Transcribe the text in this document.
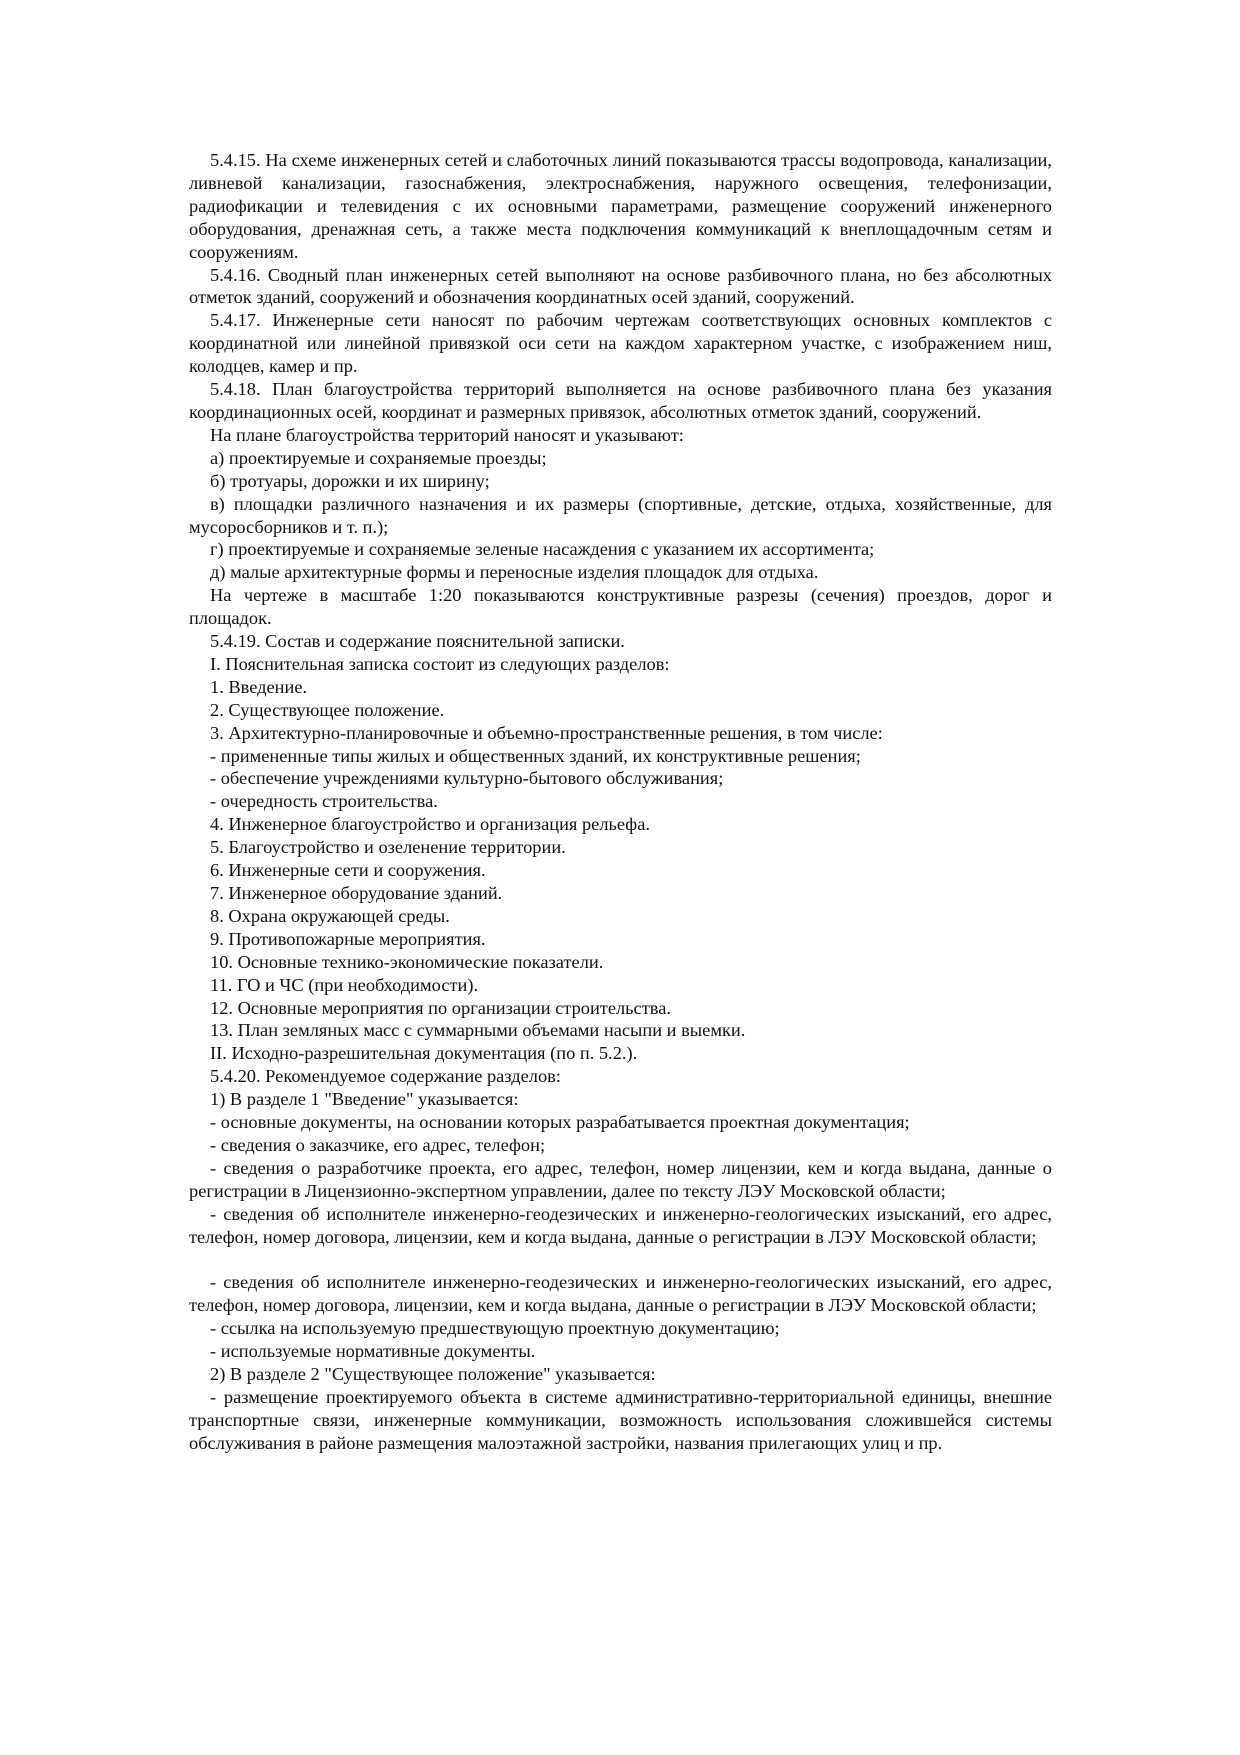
5.4.15. На схеме инженерных сетей и слаботочных линий показываются трассы водопровода, канализации, ливневой канализации, газоснабжения, электроснабжения, наружного освещения, телефонизации, радиофикации и телевидения с их основными параметрами, размещение сооружений инженерного оборудования, дренажная сеть, а также места подключения коммуникаций к внеплощадочным сетям и сооружениям.

5.4.16. Сводный план инженерных сетей выполняют на основе разбивочного плана, но без абсолютных отметок зданий, сооружений и обозначения координатных осей зданий, сооружений.

5.4.17. Инженерные сети наносят по рабочим чертежам соответствующих основных комплектов с координатной или линейной привязкой оси сети на каждом характерном участке, с изображением ниш, колодцев, камер и пр.

5.4.18. План благоустройства территорий выполняется на основе разбивочного плана без указания координационных осей, координат и размерных привязок, абсолютных отметок зданий, сооружений.

На плане благоустройства территорий наносят и указывают:

а) проектируемые и сохраняемые проезды;

б) тротуары, дорожки и их ширину;

в) площадки различного назначения и их размеры (спортивные, детские, отдыха, хозяйственные, для мусоросборников и т. п.);

г) проектируемые и сохраняемые зеленые насаждения с указанием их ассортимента;

д) малые архитектурные формы и переносные изделия площадок для отдыха.

На чертеже в масштабе 1:20 показываются конструктивные разрезы (сечения) проездов, дорог и площадок.

5.4.19. Состав и содержание пояснительной записки.

I. Пояснительная записка состоит из следующих разделов:

1. Введение.

2. Существующее положение.

3. Архитектурно-планировочные и объемно-пространственные решения, в том числе:

- примененные типы жилых и общественных зданий, их конструктивные решения;

- обеспечение учреждениями культурно-бытового обслуживания;

- очередность строительства.

4. Инженерное благоустройство и организация рельефа.

5. Благоустройство и озеленение территории.

6. Инженерные сети и сооружения.

7. Инженерное оборудование зданий.

8. Охрана окружающей среды.

9. Противопожарные мероприятия.

10. Основные технико-экономические показатели.

11. ГО и ЧС (при необходимости).

12. Основные мероприятия по организации строительства.

13. План земляных масс с суммарными объемами насыпи и выемки.

II. Исходно-разрешительная документация (по п. 5.2.).

5.4.20. Рекомендуемое содержание разделов:

1) В разделе 1 "Введение" указывается:

- основные документы, на основании которых разрабатывается проектная документация;

- сведения о заказчике, его адрес, телефон;

- сведения о разработчике проекта, его адрес, телефон, номер лицензии, кем и когда выдана, данные о регистрации в Лицензионно-экспертном управлении, далее по тексту ЛЭУ Московской области;

- сведения об исполнителе инженерно-геодезических и инженерно-геологических изысканий, его адрес, телефон, номер договора, лицензии, кем и когда выдана, данные о регистрации в ЛЭУ Московской области;

- сведения об исполнителе инженерно-геодезических и инженерно-геологических изысканий, его адрес, телефон, номер договора, лицензии, кем и когда выдана, данные о регистрации в ЛЭУ Московской области;

- ссылка на используемую предшествующую проектную документацию;

- используемые нормативные документы.

2) В разделе 2 "Существующее положение" указывается:

- размещение проектируемого объекта в системе административно-территориальной единицы, внешние транспортные связи, инженерные коммуникации, возможность использования сложившейся системы обслуживания в районе размещения малоэтажной застройки, названия прилегающих улиц и пр.
